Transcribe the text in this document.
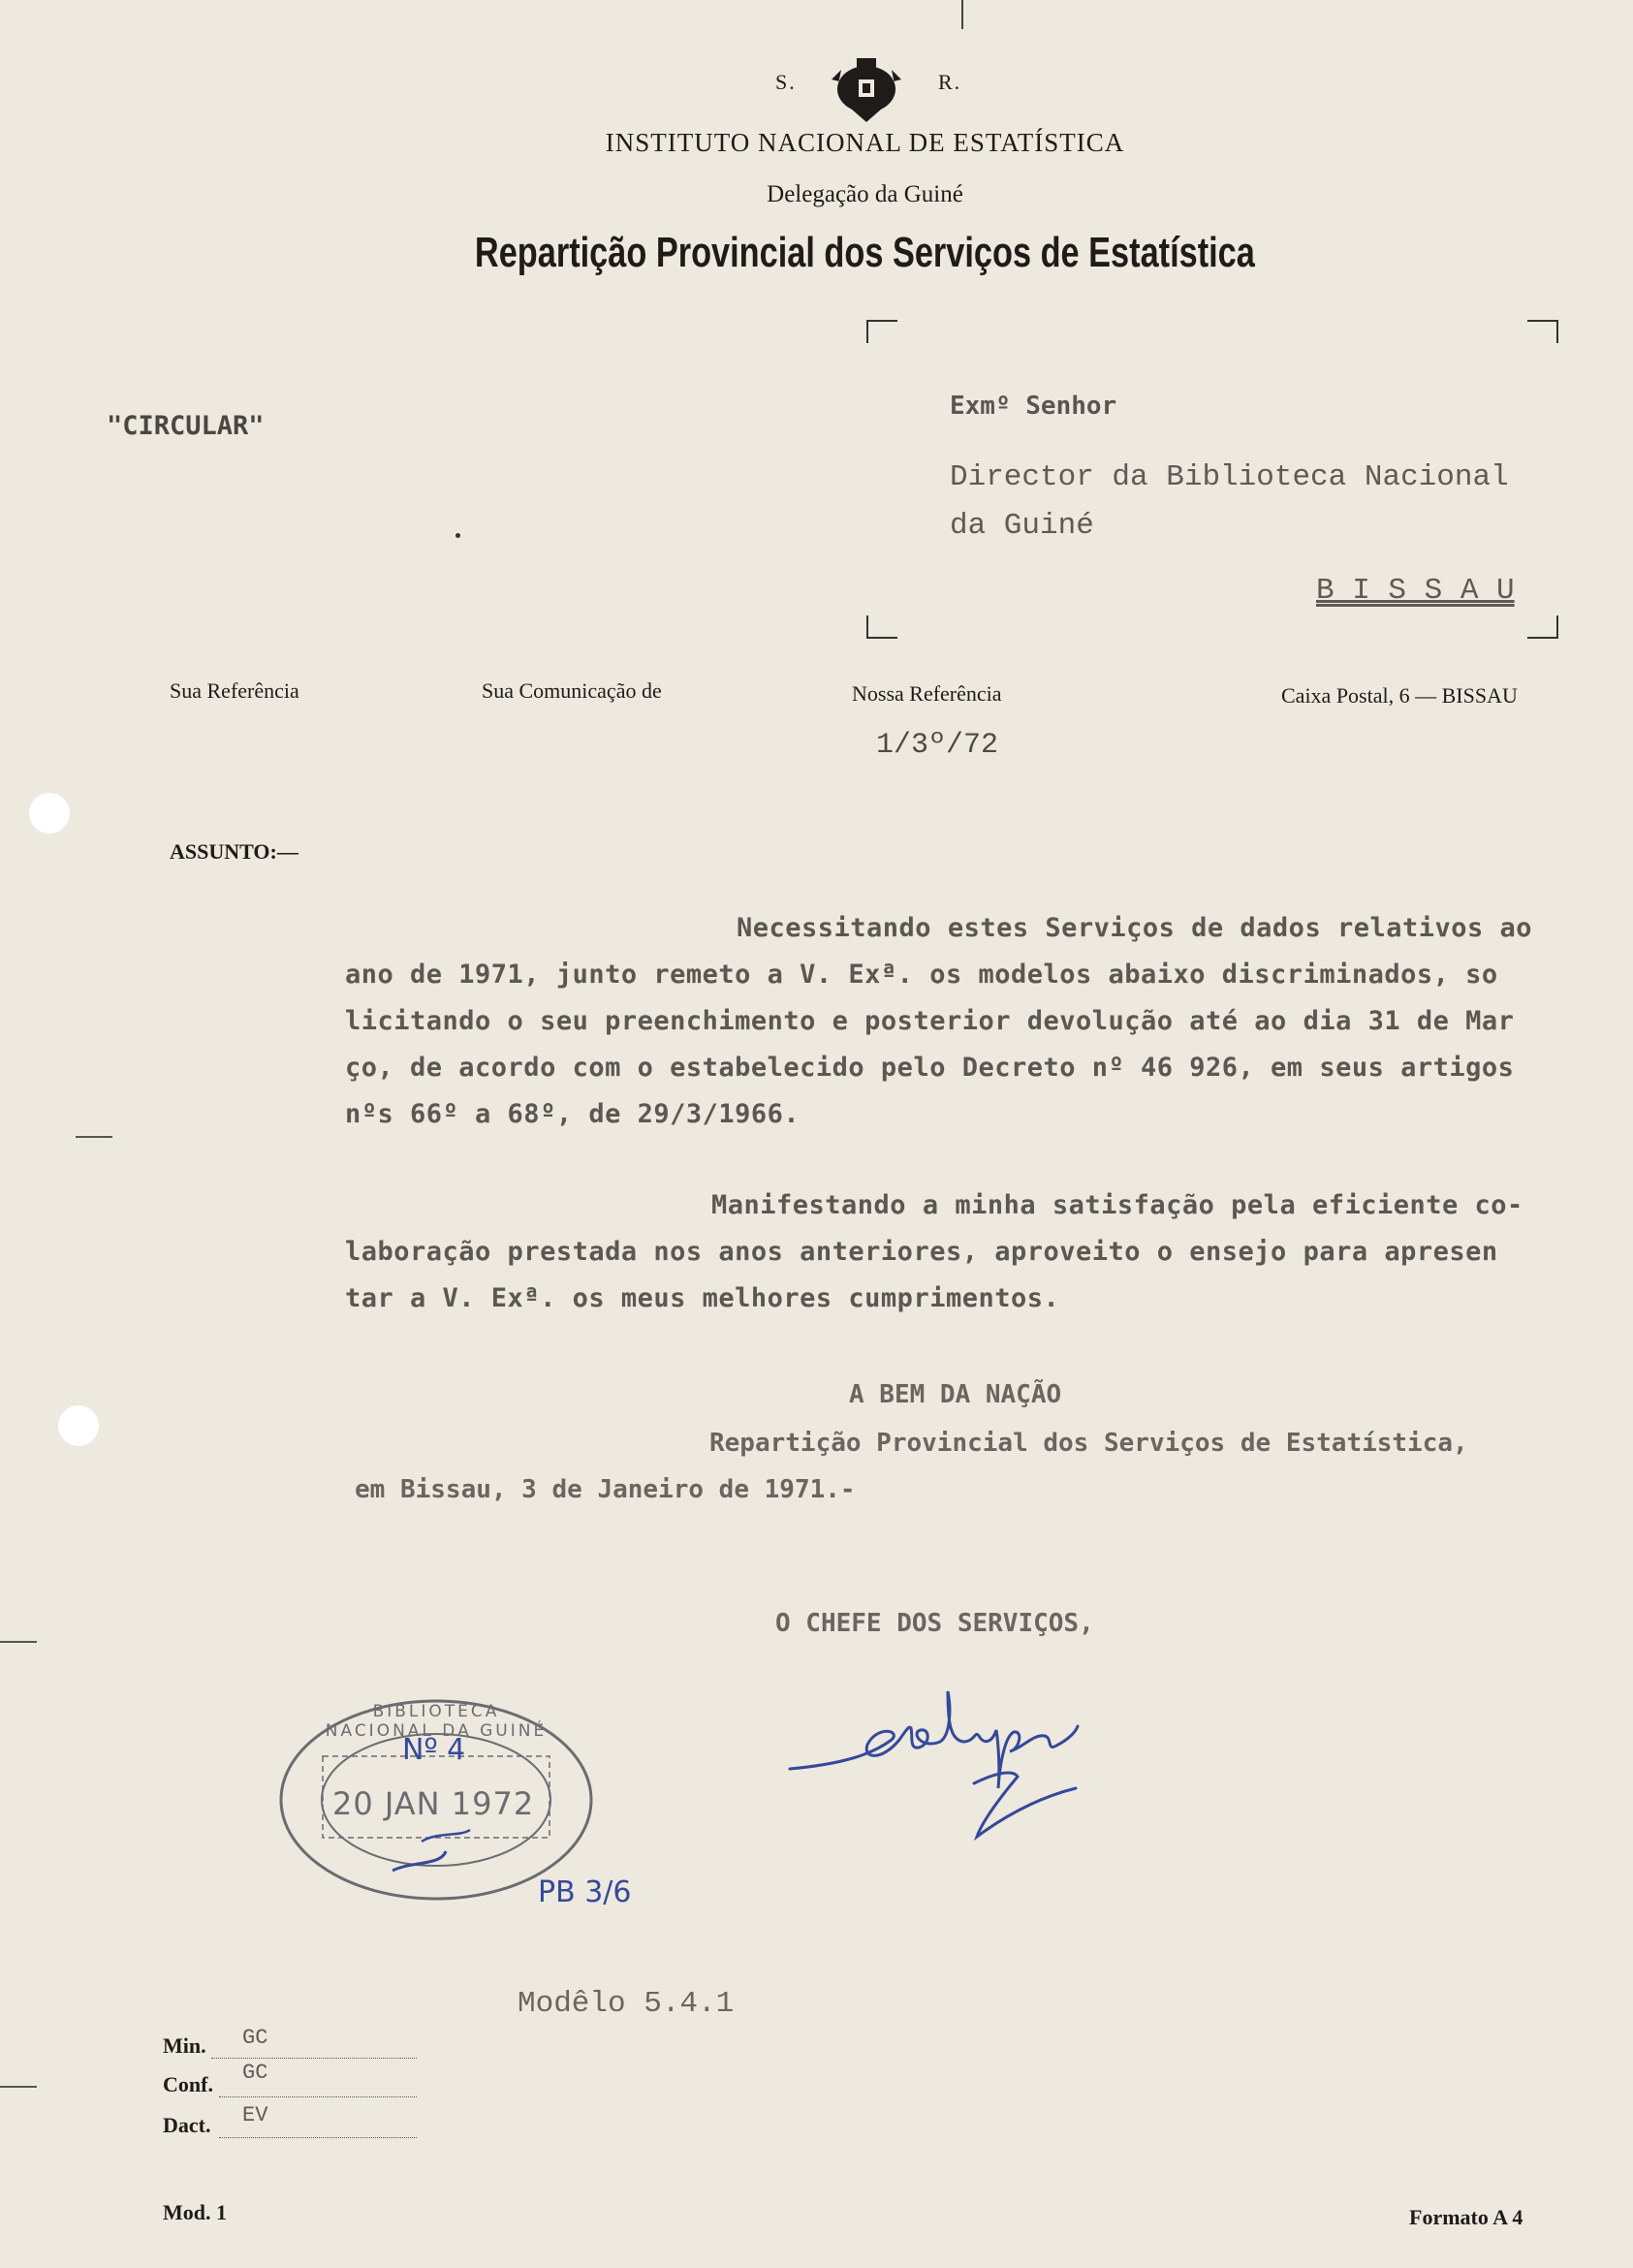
S.	R.
INSTITUTO NACIONAL DE ESTATÍSTICA
Delegação da Guiné
Repartição Provincial dos Serviços de Estatística
"CIRCULAR"
Exmº Senhor
Director da Biblioteca Nacional
da Guiné
B I S S A U
Sua Referência	Sua Comunicação de	Nossa Referência	Caixa Postal, 6 — BISSAU
1/3º/72
ASSUNTO:—
Necessitando estes Serviços de dados relativos ao
ano de 1971, junto remeto a V. Exª. os modelos abaixo discriminados, so
licitando o seu preenchimento e posterior devolução até ao dia 31 de Mar
ço, de acordo com o estabelecido pelo Decreto nº 46 926, em seus artigos
nºs 66º a 68º, de 29/3/1966.
Manifestando a minha satisfação pela eficiente co-
laboração prestada nos anos anteriores, aproveito o ensejo para apresen
tar a V. Exª. os meus melhores cumprimentos.
A BEM DA NAÇÃO
Repartição Provincial dos Serviços de Estatística,
em Bissau, 3 de Janeiro de 1971.-
O CHEFE DOS SERVIÇOS,
BIBLIOTECA NACIONAL DA GUINÉ
Nº 4
20 JAN 1972
PB 3/6
Modêlo 5.4.1
Min. GC
Conf. GC
Dact. EV
Mod. 1	Formato A 4
